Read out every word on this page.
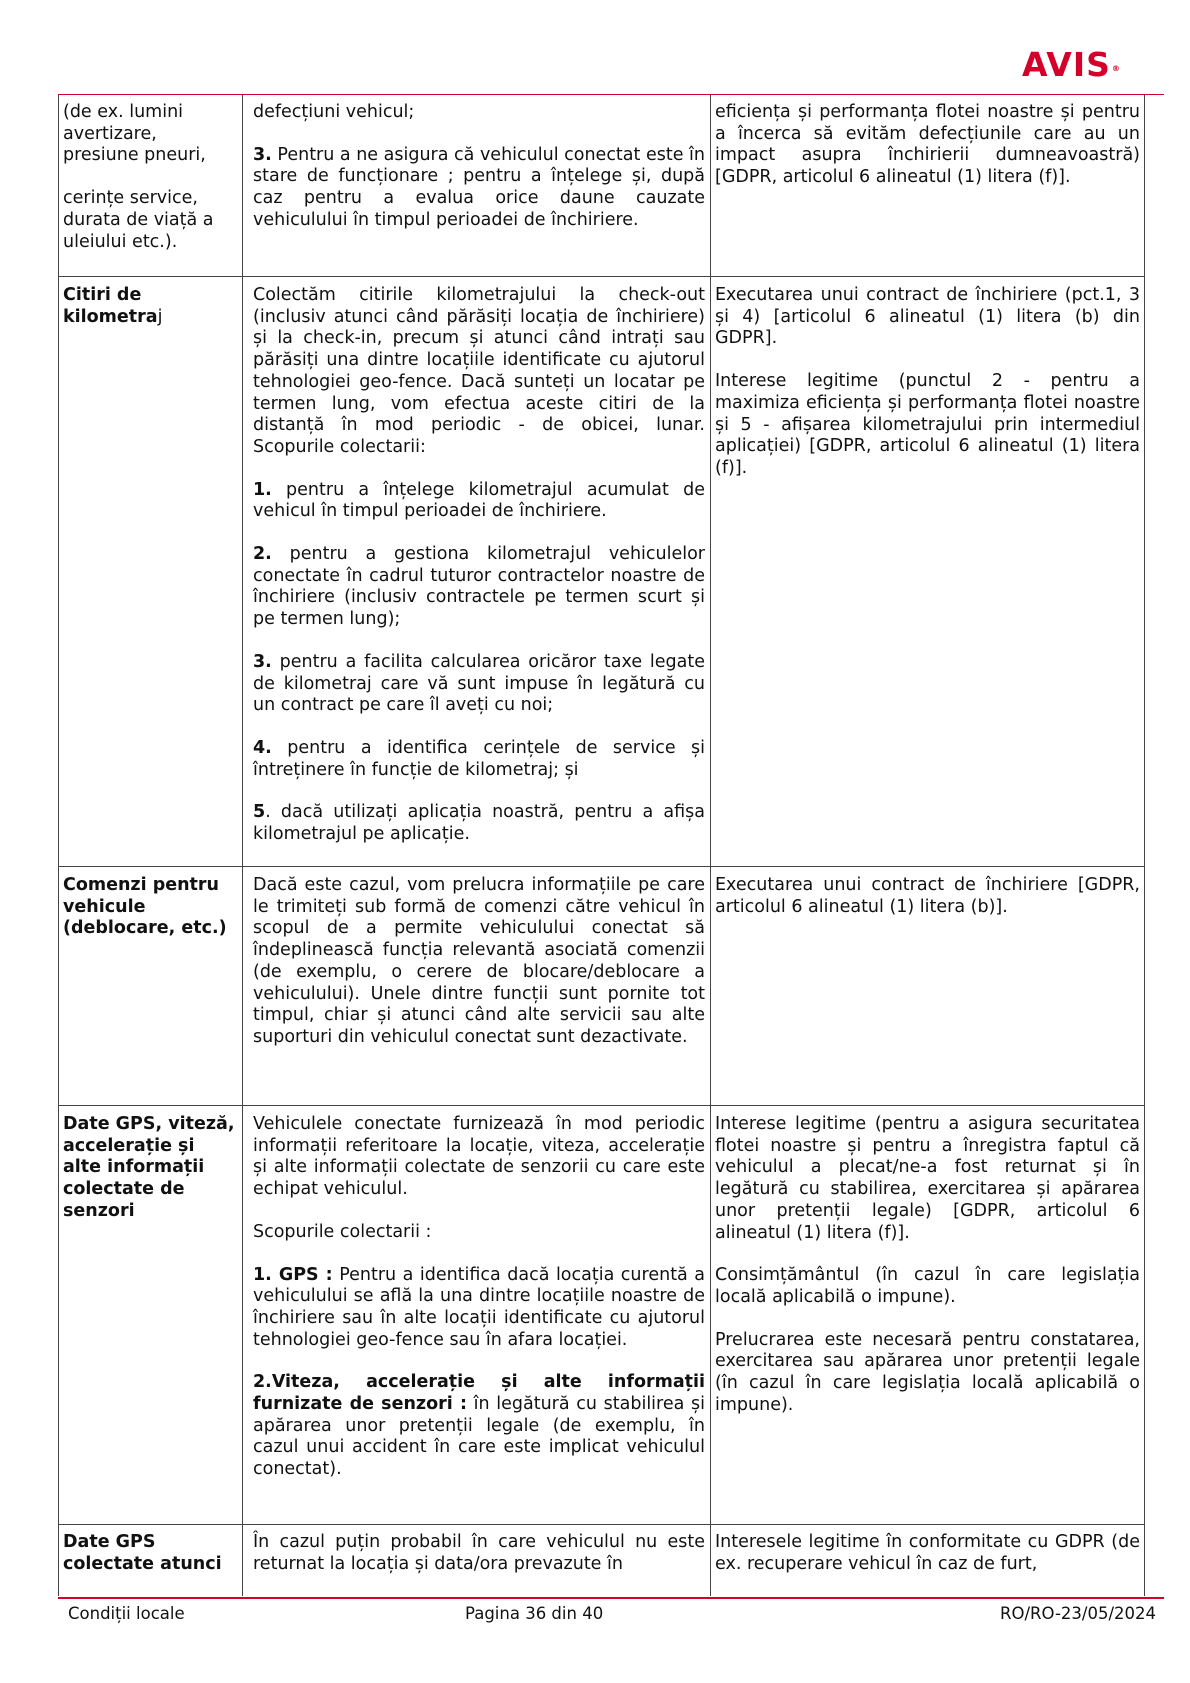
AVIS®

(de ex. lumini avertizare,

presiune pneuri,

cerințe service, durata de viață a uleiului etc.).

defecțiuni vehicul;

3. Pentru a ne asigura că vehiculul conectat este în stare de funcționare ; pentru a înțelege și, după caz pentru a evalua orice daune cauzate vehiculului în timpul perioadei de închiriere.

eficiența și performanța flotei noastre și pentru a încerca să evităm defecțiunile care au un impact asupra închirierii dumneavoastră) [GDPR, articolul 6 alineatul (1) litera (f)].

Citiri de kilometraj

Colectăm citirile kilometrajului la check-out (inclusiv atunci când părăsiți locația de închiriere) și la check-in, precum și atunci când intrați sau părăsiți una dintre locațiile identificate cu ajutorul tehnologiei geo-fence. Dacă sunteți un locatar pe termen lung, vom efectua aceste citiri de la distanță în mod periodic - de obicei, lunar. Scopurile colectarii:

1. pentru a înțelege kilometrajul acumulat de vehicul în timpul perioadei de închiriere.

2. pentru a gestiona kilometrajul vehiculelor conectate în cadrul tuturor contractelor noastre de închiriere (inclusiv contractele pe termen scurt și pe termen lung);

3. pentru a facilita calcularea oricăror taxe legate de kilometraj care vă sunt impuse în legătură cu un contract pe care îl aveți cu noi;

4. pentru a identifica cerințele de service și întreținere în funcție de kilometraj; și

5. dacă utilizați aplicația noastră, pentru a afișa kilometrajul pe aplicație.

Executarea unui contract de închiriere (pct.1, 3 și 4) [articolul 6 alineatul (1) litera (b) din GDPR].

Interese legitime (punctul 2 - pentru a maximiza eficiența și performanța flotei noastre și 5 - afișarea kilometrajului prin intermediul aplicației) [GDPR, articolul 6 alineatul (1) litera (f)].

Comenzi pentru vehicule (deblocare, etc.)

Dacă este cazul, vom prelucra informațiile pe care le trimiteți sub formă de comenzi către vehicul în scopul de a permite vehiculului conectat să îndeplinească funcția relevantă asociată comenzii (de exemplu, o cerere de blocare/deblocare a vehiculului). Unele dintre funcții sunt pornite tot timpul, chiar și atunci când alte servicii sau alte suporturi din vehiculul conectat sunt dezactivate.

Executarea unui contract de închiriere [GDPR, articolul 6 alineatul (1) litera (b)].

Date GPS, viteză, accelerație și alte informații colectate de senzori

Vehiculele conectate furnizează în mod periodic informații referitoare la locație, viteza, accelerație și alte informații colectate de senzorii cu care este echipat vehiculul.

Scopurile colectarii :

1. GPS : Pentru a identifica dacă locația curentă a vehiculului se află la una dintre locațiile noastre de închiriere sau în alte locații identificate cu ajutorul tehnologiei geo-fence sau în afara locației.

2.Viteza, accelerație și alte informații furnizate de senzori : în legătură cu stabilirea și apărarea unor pretenții legale (de exemplu, în cazul unui accident în care este implicat vehiculul conectat).

Interese legitime (pentru a asigura securitatea flotei noastre și pentru a înregistra faptul că vehiculul a plecat/ne-a fost returnat și în legătură cu stabilirea, exercitarea și apărarea unor pretenții legale) [GDPR, articolul 6 alineatul (1) litera (f)].

Consimțământul (în cazul în care legislația locală aplicabilă o impune).

Prelucrarea este necesară pentru constatarea, exercitarea sau apărarea unor pretenții legale (în cazul în care legislația locală aplicabilă o impune).

Date GPS colectate atunci

În cazul puțin probabil în care vehiculul nu este returnat la locația și data/ora prevazute în

Interesele legitime în conformitate cu GDPR (de ex. recuperare vehicul în caz de furt,

Condiții locale	Pagina 36 din 40	RO/RO-23/05/2024
